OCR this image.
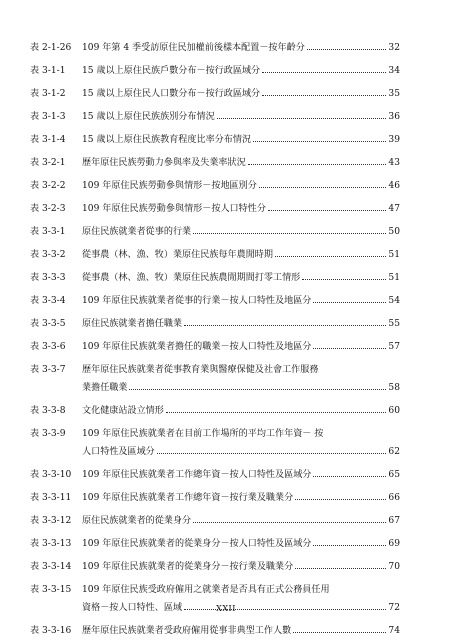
表 2-1-26	109 年第 4 季受訪原住民加權前後樣本配置－按年齡分	32
表 3-1-1	15 歲以上原住民族戶數分布－按行政區域分	34
表 3-1-2	15 歲以上原住民人口數分布－按行政區域分	35
表 3-1-3	15 歲以上原住民族族別分布情況	36
表 3-1-4	15 歲以上原住民族教育程度比率分布情況	39
表 3-2-1	歷年原住民族勞動力參與率及失業率狀況	43
表 3-2-2	109 年原住民族勞動參與情形－按地區別分	46
表 3-2-3	109 年原住民族勞動參與情形－按人口特性分	47
表 3-3-1	原住民族就業者從事的行業	50
表 3-3-2	從事農（林、漁、牧）業原住民族每年農閒時期	51
表 3-3-3	從事農（林、漁、牧）業原住民族農閒期間打零工情形	51
表 3-3-4	109 年原住民族就業者從事的行業－按人口特性及地區分	54
表 3-3-5	原住民族就業者擔任職業	55
表 3-3-6	109 年原住民族就業者擔任的職業－按人口特性及地區分	57
表 3-3-7	歷年原住民族就業者從事教育業與醫療保健及社會工作服務
業擔任職業	58
表 3-3-8	文化健康站設立情形	60
表 3-3-9	109 年原住民族就業者在目前工作場所的平均工作年資－ 按
人口特性及區域分	62
表 3-3-10	109 年原住民族就業者工作總年資－按人口特性及區域分	65
表 3-3-11	109 年原住民族就業者工作總年資－按行業及職業分	66
表 3-3-12	原住民族就業者的從業身分	67
表 3-3-13	109 年原住民族就業者的從業身分－按人口特性及區域分	69
表 3-3-14	109 年原住民族就業者的從業身分－按行業及職業分	70
表 3-3-15	109 年原住民族受政府僱用之就業者是否具有正式公務員任用
資格－按人口特性、區域	72
表 3-3-16	歷年原住民族就業者受政府僱用從事非典型工作人數	74
XXII
